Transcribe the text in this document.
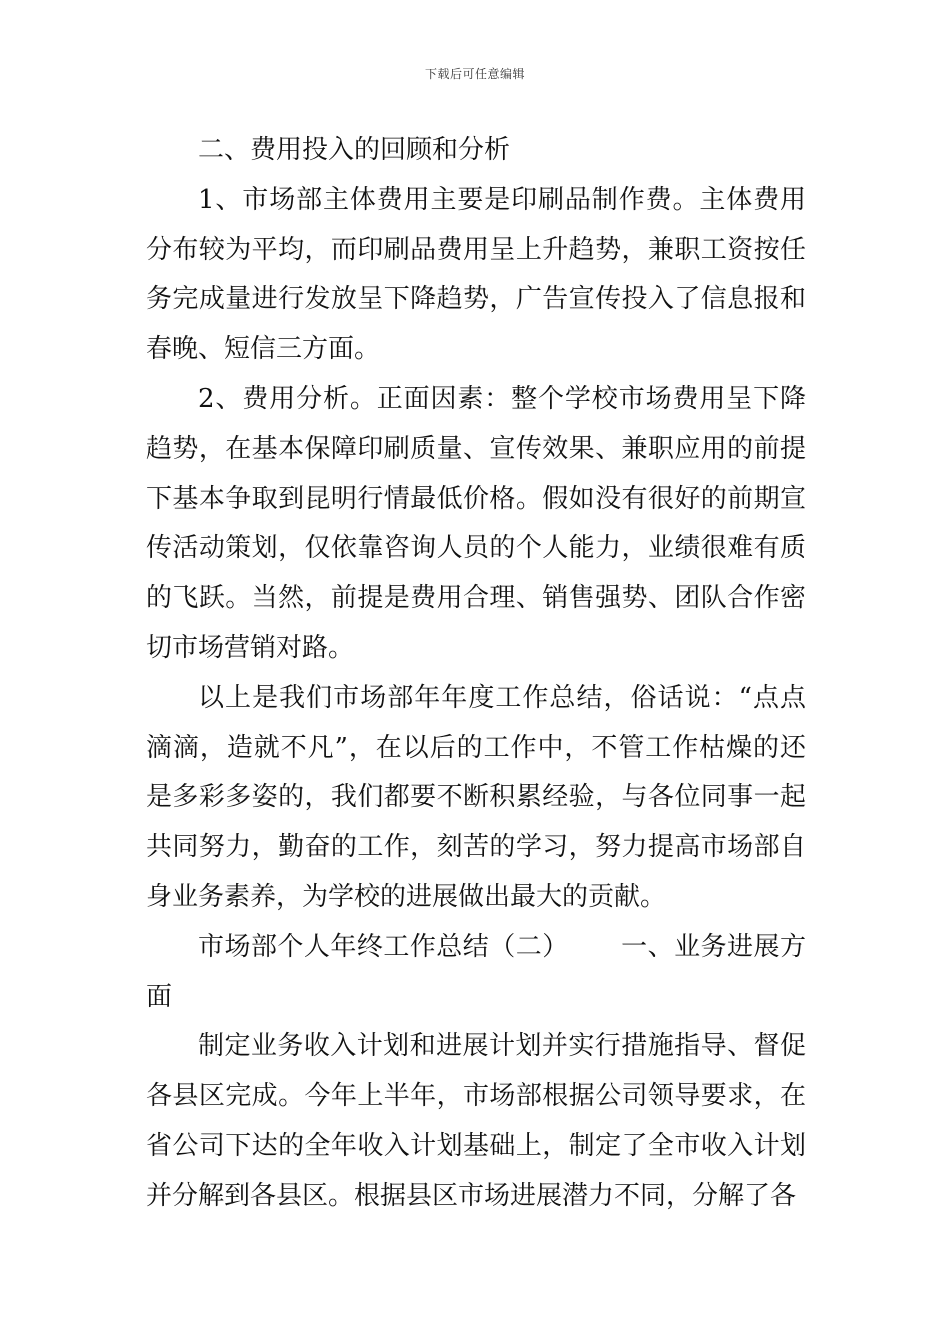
下载后可任意编辑

二、费用投入的回顾和分析

1、市场部主体费用主要是印刷品制作费。主体费用分布较为平均，而印刷品费用呈上升趋势，兼职工资按任务完成量进行发放呈下降趋势，广告宣传投入了信息报和春晚、短信三方面。

2、费用分析。正面因素：整个学校市场费用呈下降趋势，在基本保障印刷质量、宣传效果、兼职应用的前提下基本争取到昆明行情最低价格。假如没有很好的前期宣传活动策划，仅依靠咨询人员的个人能力，业绩很难有质的飞跃。当然，前提是费用合理、销售强势、团队合作密切市场营销对路。

以上是我们市场部年年度工作总结，俗话说：“点点滴滴，造就不凡”，在以后的工作中，不管工作枯燥的还是多彩多姿的，我们都要不断积累经验，与各位同事一起共同努力，勤奋的工作，刻苦的学习，努力提高市场部自身业务素养，为学校的进展做出最大的贡献。

市场部个人年终工作总结（二）      一、业务进展方面

制定业务收入计划和进展计划并实行措施指导、督促各县区完成。今年上半年，市场部根据公司领导要求，在省公司下达的全年收入计划基础上，制定了全市收入计划并分解到各县区。根据县区市场进展潜力不同，分解了各
